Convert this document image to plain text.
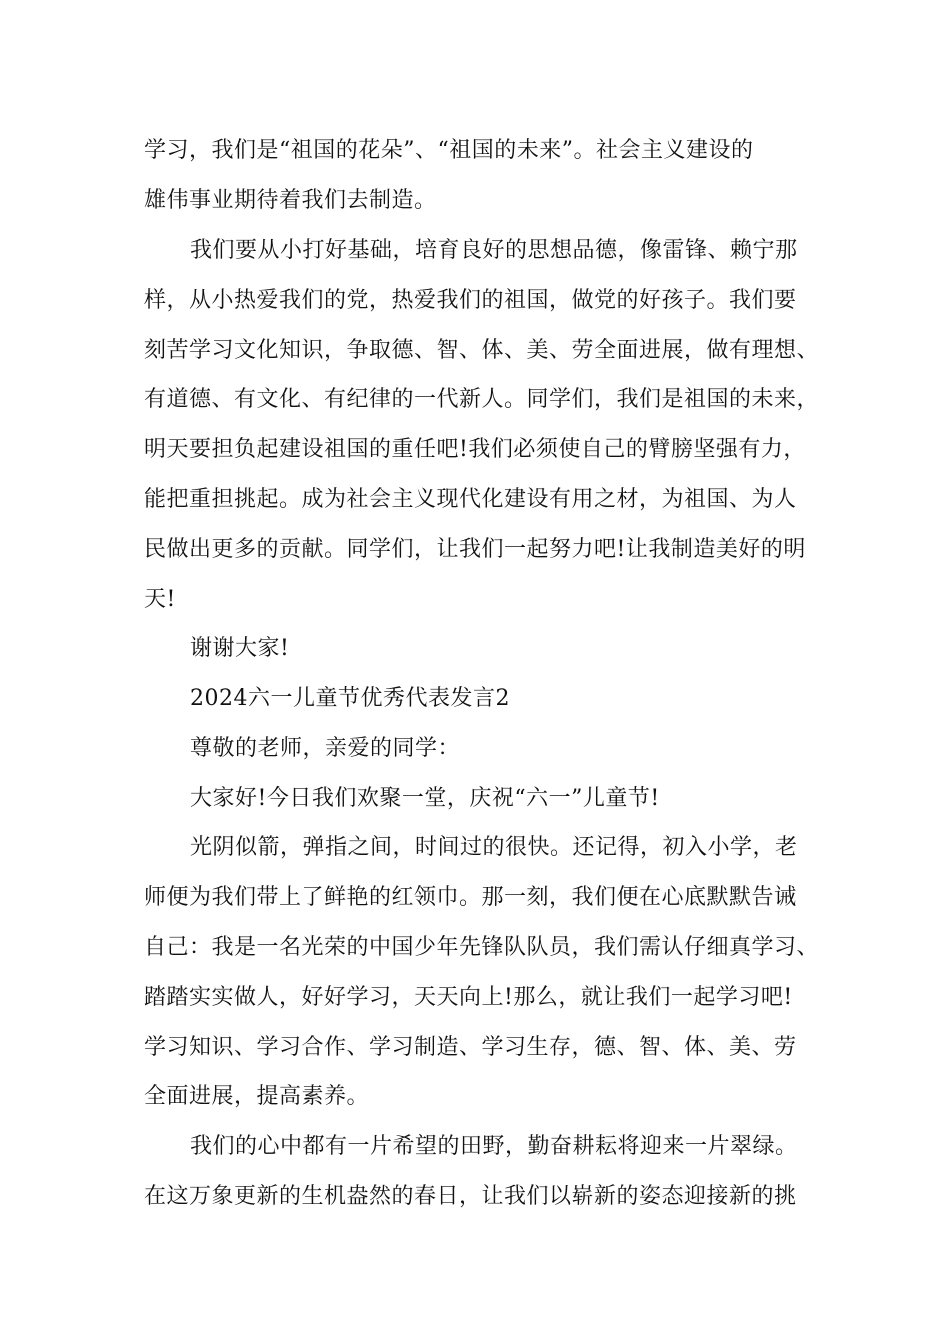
学习，我们是“祖国的花朵”、“祖国的未来”。社会主义建设的
雄伟事业期待着我们去制造。
我们要从小打好基础，培育良好的思想品德，像雷锋、赖宁那
样，从小热爱我们的党，热爱我们的祖国，做党的好孩子。我们要
刻苦学习文化知识，争取德、智、体、美、劳全面进展，做有理想、
有道德、有文化、有纪律的一代新人。同学们，我们是祖国的未来，
明天要担负起建设祖国的重任吧!我们必须使自己的臂膀坚强有力，
能把重担挑起。成为社会主义现代化建设有用之材，为祖国、为人
民做出更多的贡献。同学们，让我们一起努力吧!让我制造美好的明
天!
谢谢大家!
2024六一儿童节优秀代表发言2
尊敬的老师，亲爱的同学：
大家好!今日我们欢聚一堂，庆祝“六一”儿童节!
光阴似箭，弹指之间，时间过的很快。还记得，初入小学，老
师便为我们带上了鲜艳的红领巾。那一刻，我们便在心底默默告诫
自己：我是一名光荣的中国少年先锋队队员，我们需认仔细真学习、
踏踏实实做人，好好学习，天天向上!那么，就让我们一起学习吧!
学习知识、学习合作、学习制造、学习生存，德、智、体、美、劳
全面进展，提高素养。
我们的心中都有一片希望的田野，勤奋耕耘将迎来一片翠绿。
在这万象更新的生机盎然的春日，让我们以崭新的姿态迎接新的挑
